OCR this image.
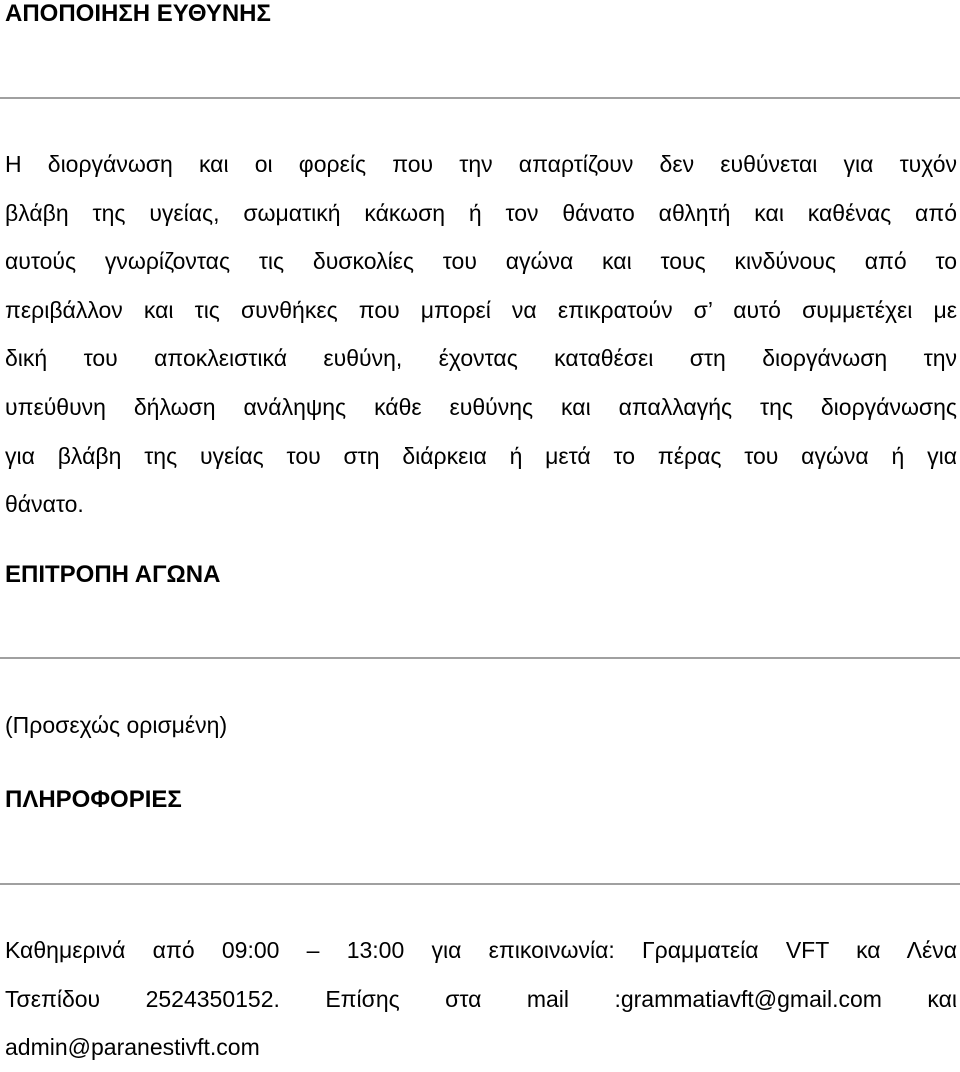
ΑΠΟΠΟΙΗΣΗ ΕΥΘΥΝΗΣ
Η διοργάνωση και οι φορείς που την απαρτίζουν δεν ευθύνεται για τυχόν
βλάβη της υγείας, σωματική κάκωση ή τον θάνατο αθλητή και καθένας από
αυτούς γνωρίζοντας τις δυσκολίες του αγώνα και τους κινδύνους από το
περιβάλλον και τις συνθήκες που μπορεί να επικρατούν σ’ αυτό συμμετέχει με
δική του αποκλειστικά ευθύνη, έχοντας καταθέσει στη διοργάνωση την
υπεύθυνη δήλωση ανάληψης κάθε ευθύνης και απαλλαγής της διοργάνωσης
για βλάβη της υγείας του στη διάρκεια ή μετά το πέρας του αγώνα ή για
θάνατο.
ΕΠΙΤΡΟΠΗ ΑΓΩΝΑ

(Προσεχώς ορισμένη)

ΠΛΗΡΟΦΟΡΙΕΣ
Καθημερινά από 09:00 – 13:00 για επικοινωνία: Γραμματεία VFT κα Λένα
Τσεπίδου 2524350152. Επίσης στα mail :grammatiavft@gmail.com και
admin@paranestivft.com
